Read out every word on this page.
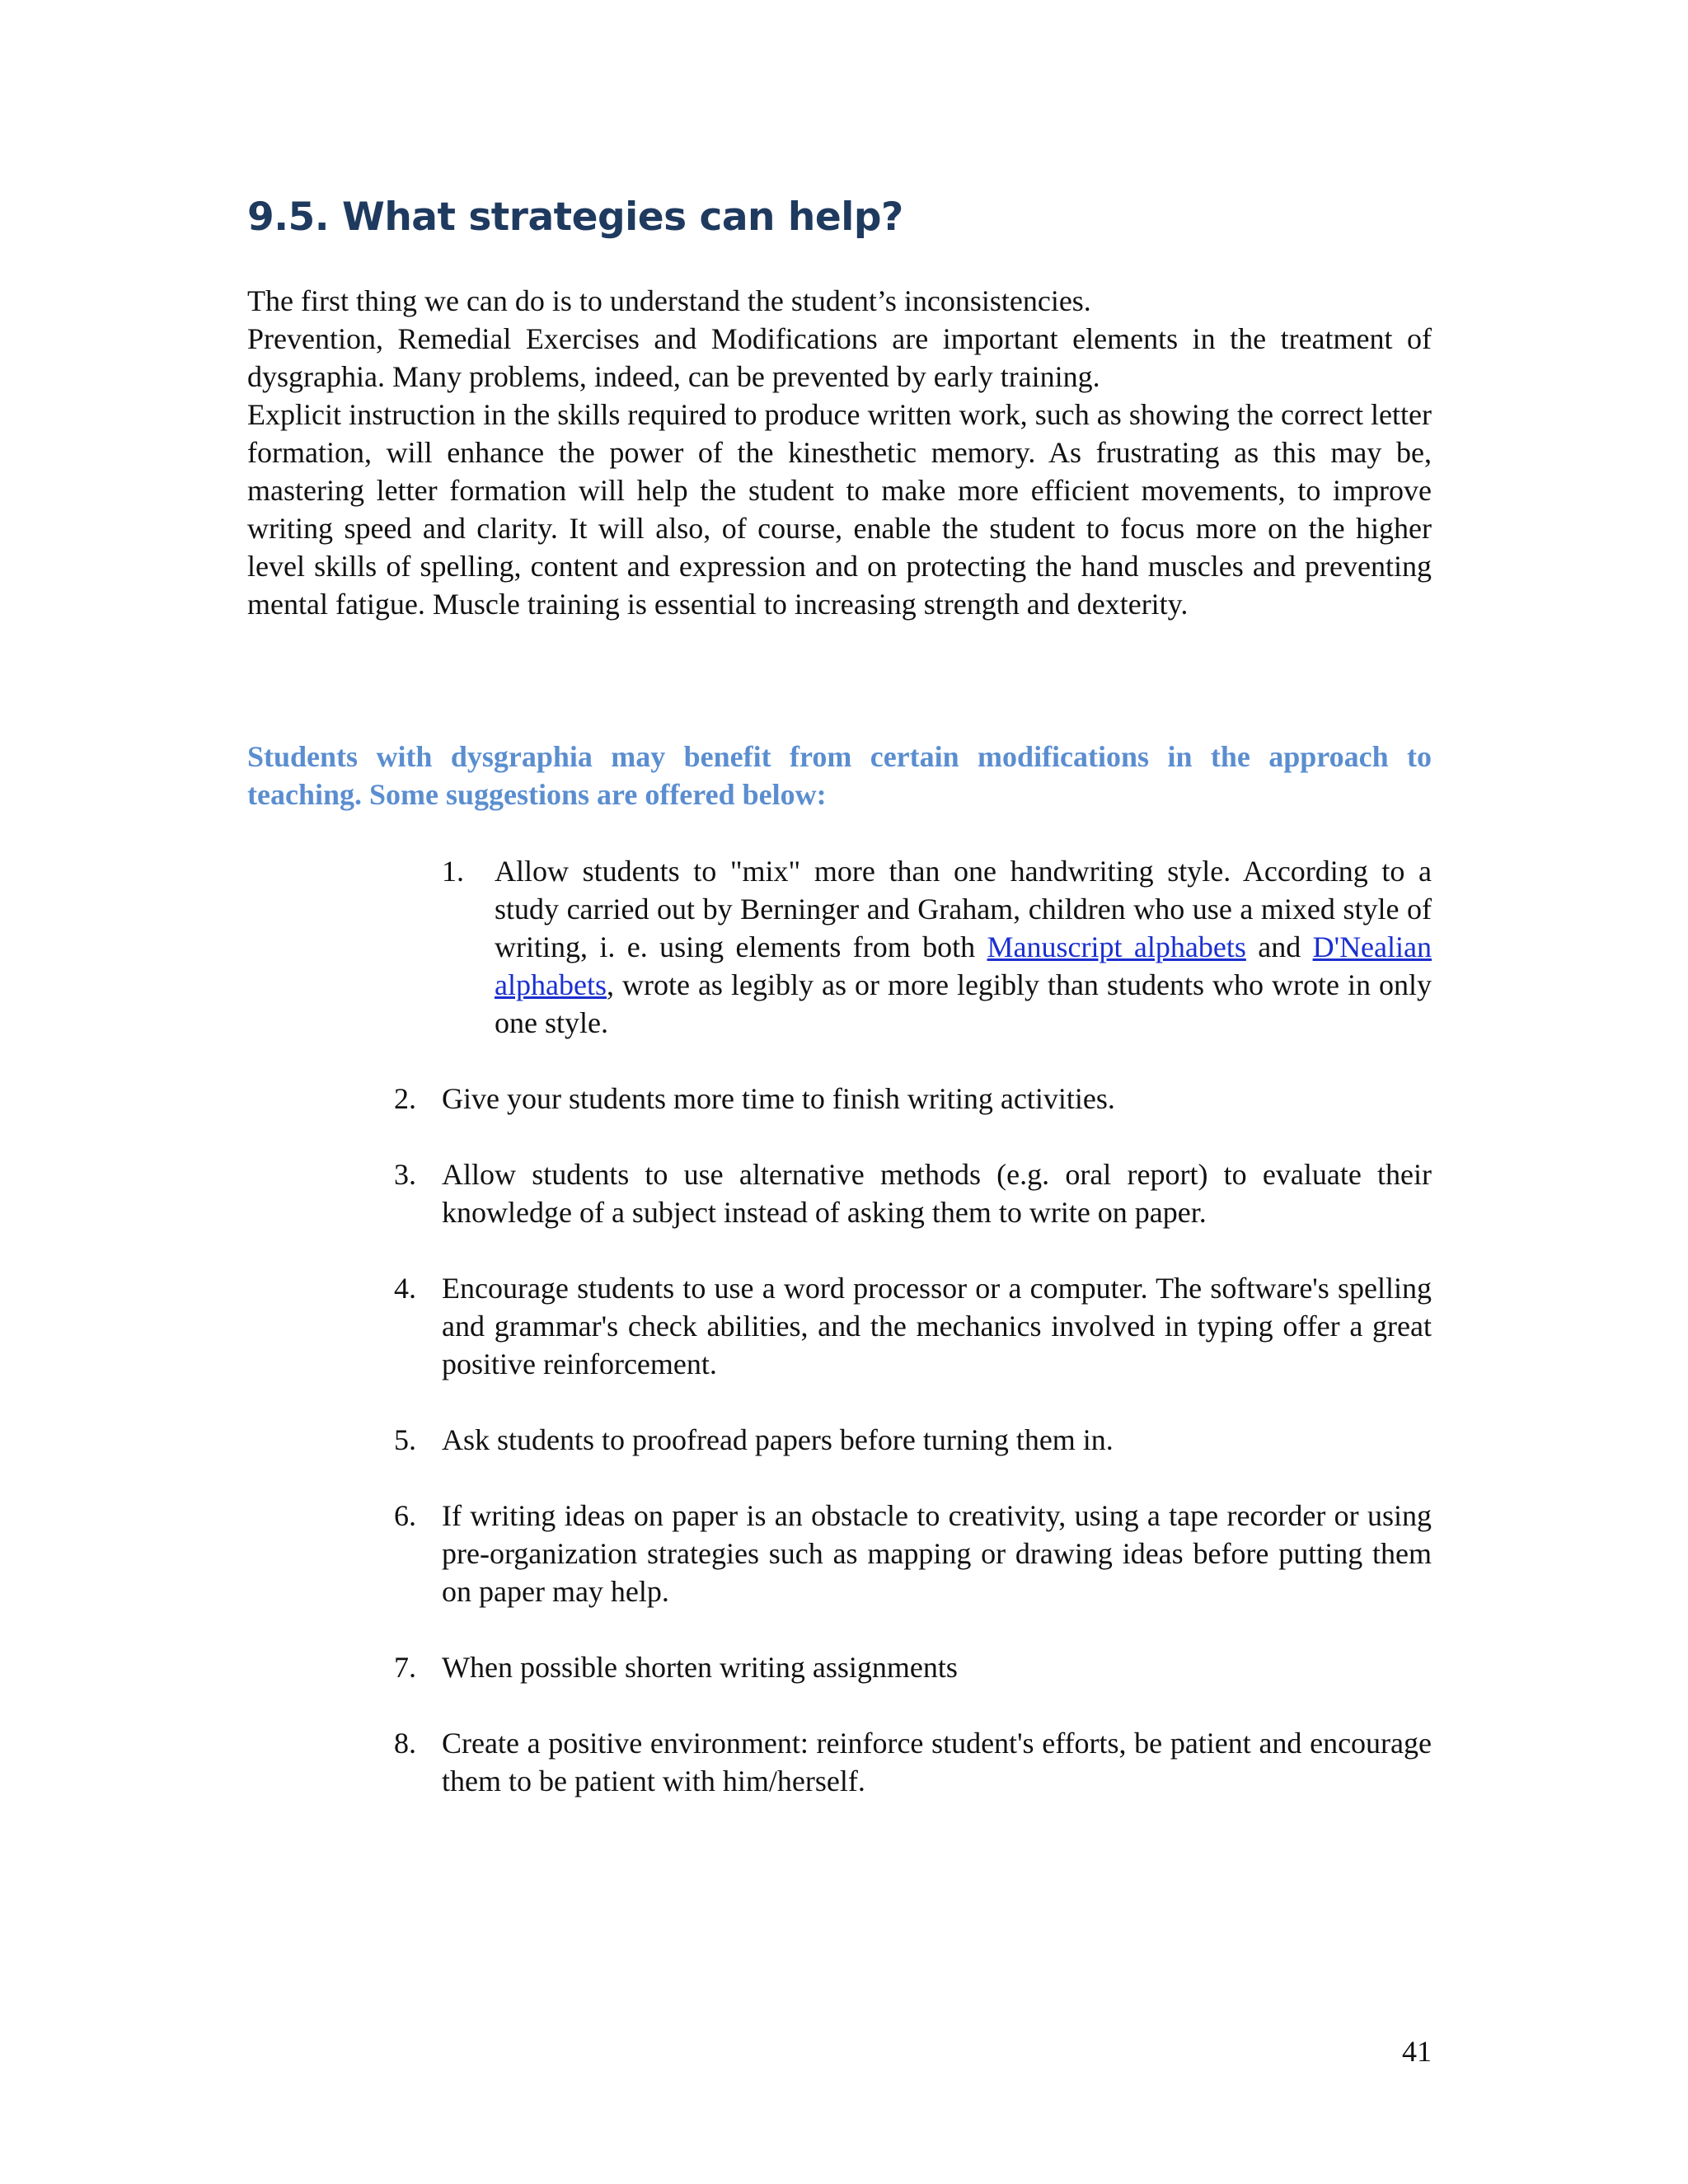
9.5. What strategies can help?
The first thing we can do is to understand the student’s inconsistencies.
Prevention, Remedial Exercises and Modifications are important elements in the treatment of dysgraphia. Many problems, indeed, can be prevented by early training.
Explicit instruction in the skills required to produce written work, such as showing the correct letter formation, will enhance the power of the kinesthetic memory. As frustrating as this may be, mastering letter formation will help the student to make more efficient movements, to improve writing speed and clarity. It will also, of course, enable the student to focus more on the higher level skills of spelling, content and expression and on protecting the hand muscles and preventing mental fatigue. Muscle training is essential to increasing strength and dexterity.

Students with dysgraphia may benefit from certain modifications in the approach to teaching. Some suggestions are offered below:

1. Allow students to "mix" more than one handwriting style. According to a study carried out by Berninger and Graham, children who use a mixed style of writing, i. e. using elements from both Manuscript alphabets and D'Nealian alphabets, wrote as legibly as or more legibly than students who wrote in only one style.
2. Give your students more time to finish writing activities.
3. Allow students to use alternative methods (e.g. oral report) to evaluate their knowledge of a subject instead of asking them to write on paper.
4. Encourage students to use a word processor or a computer. The software's spelling and grammar's check abilities, and the mechanics involved in typing offer a great positive reinforcement.
5. Ask students to proofread papers before turning them in.
6. If writing ideas on paper is an obstacle to creativity, using a tape recorder or using pre-organization strategies such as mapping or drawing ideas before putting them on paper may help.
7. When possible shorten writing assignments
8. Create a positive environment: reinforce student's efforts, be patient and encourage them to be patient with him/herself.
41
